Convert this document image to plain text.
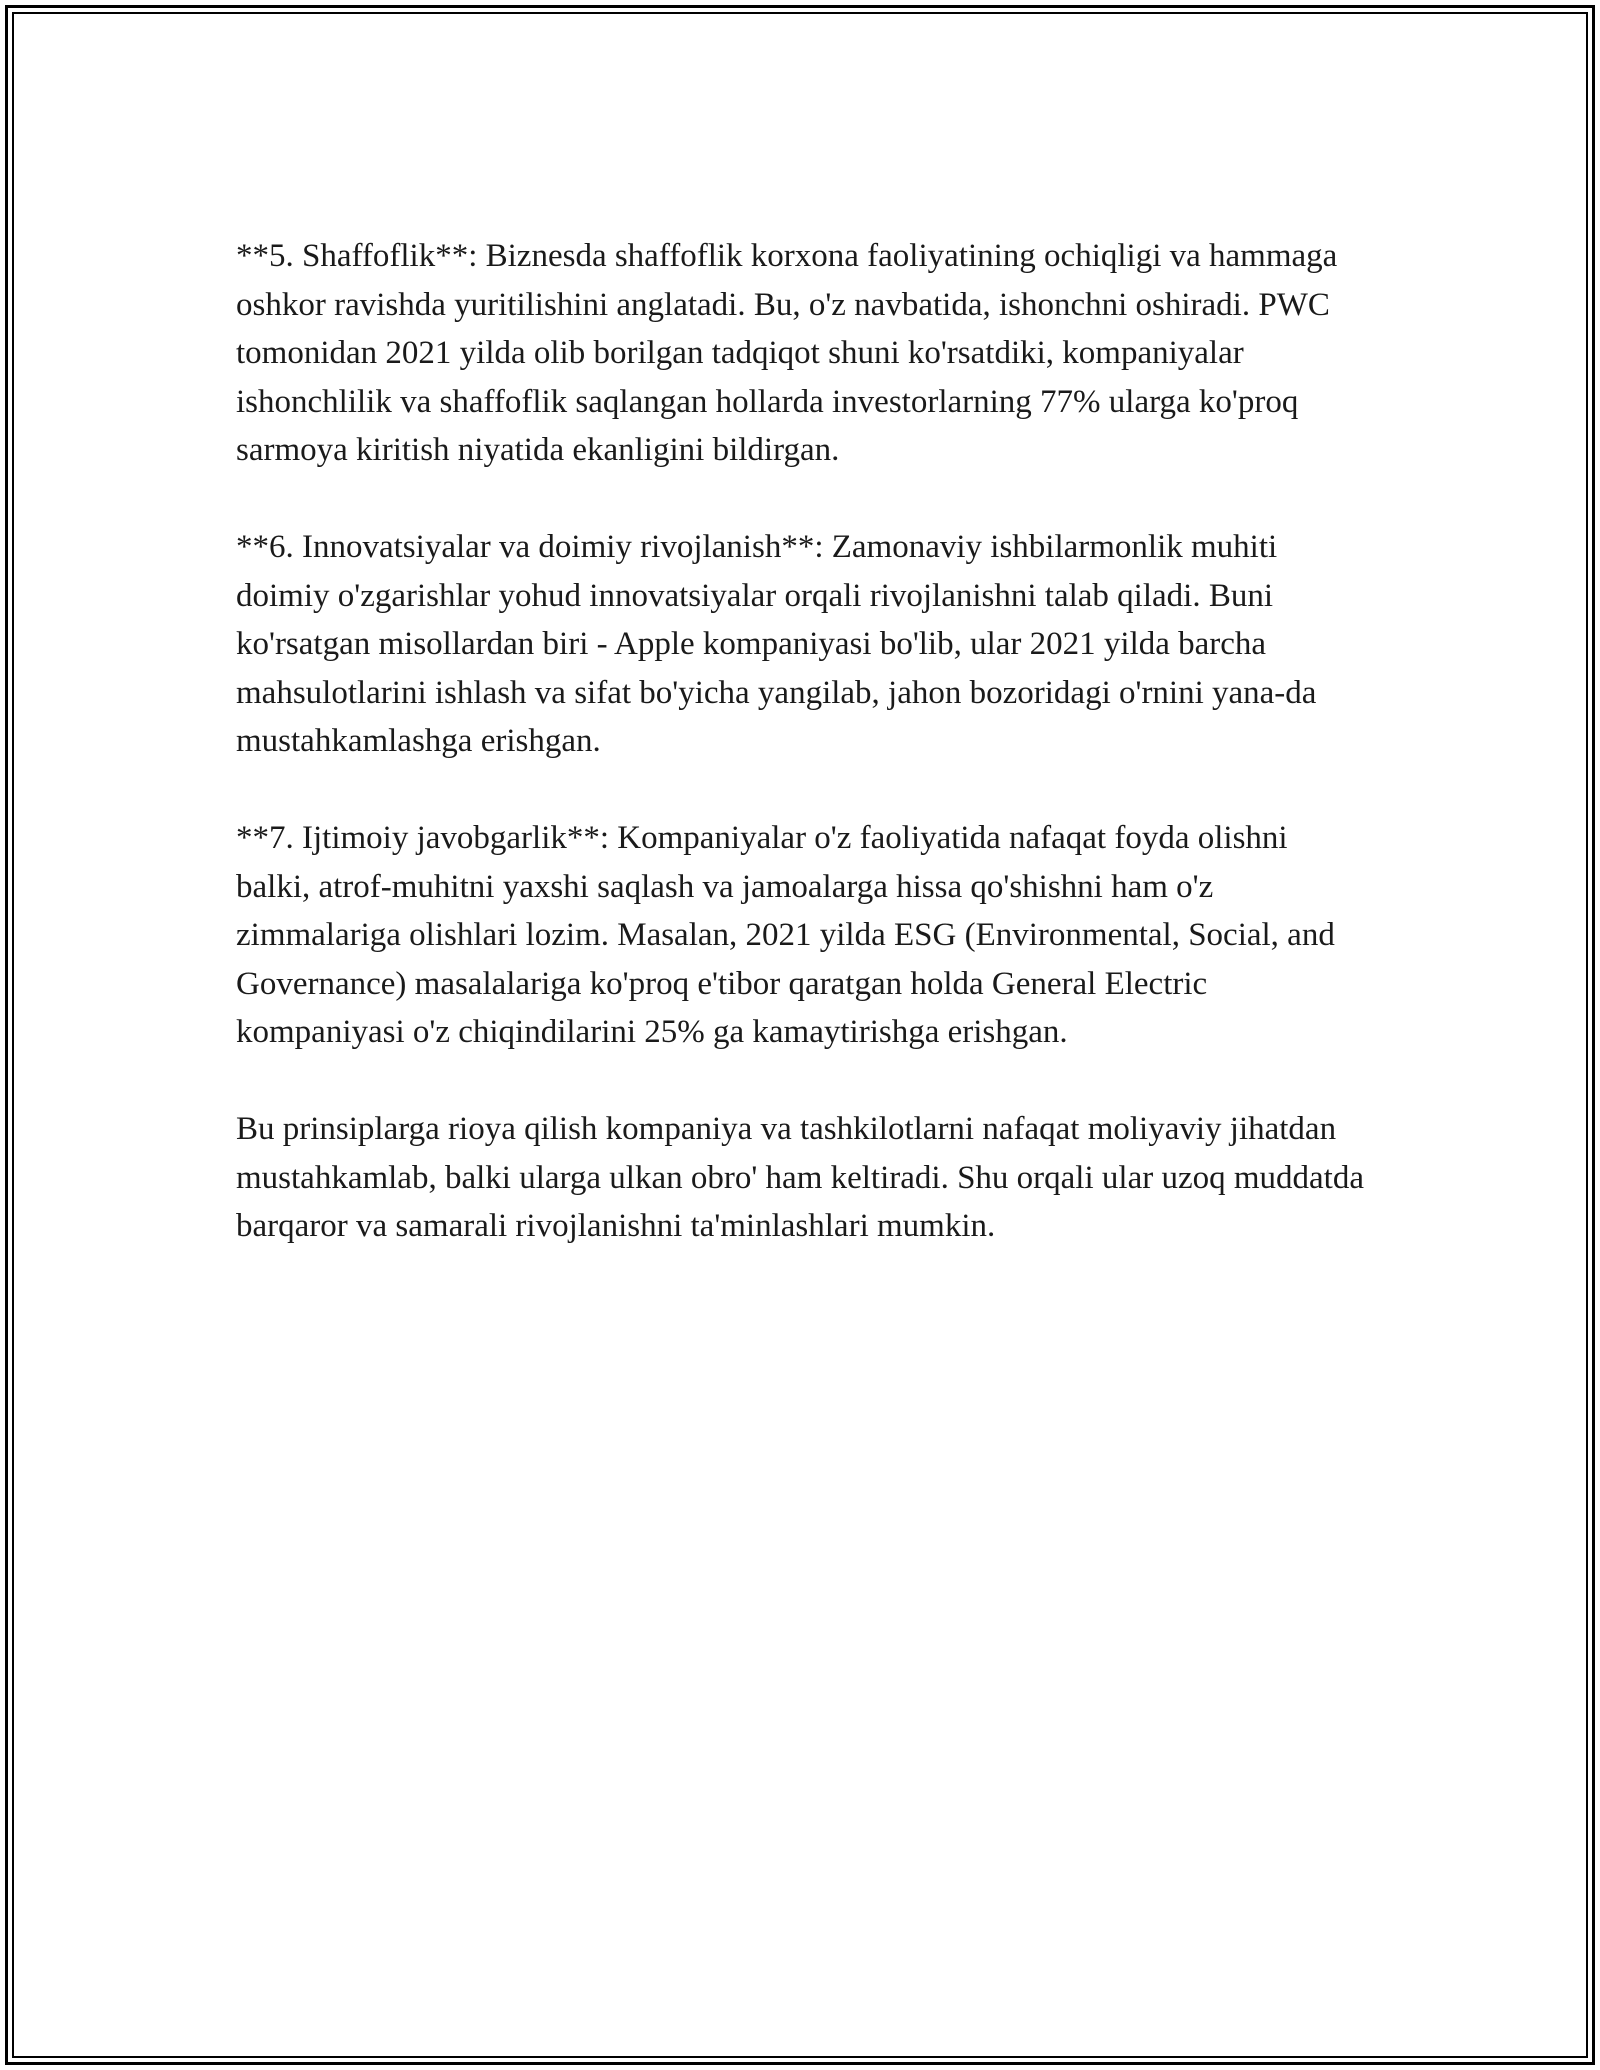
**5. Shaffoflik**: Biznesda shaffoflik korxona faoliyatining ochiqligi va hammaga oshkor ravishda yuritilishini anglatadi. Bu, o'z navbatida, ishonchni oshiradi. PWC tomonidan 2021 yilda olib borilgan tadqiqot shuni ko'rsatdiki, kompaniyalar ishonchlilik va shaffoflik saqlangan hollarda investorlarning 77% ularga ko'proq sarmoya kiritish niyatida ekanligini bildirgan.

**6. Innovatsiyalar va doimiy rivojlanish**: Zamonaviy ishbilarmonlik muhiti doimiy o'zgarishlar yohud innovatsiyalar orqali rivojlanishni talab qiladi. Buni ko'rsatgan misollardan biri - Apple kompaniyasi bo'lib, ular 2021 yilda barcha mahsulotlarini ishlash va sifat bo'yicha yangilab, jahon bozoridagi o'rnini yana-da mustahkamlashga erishgan.

**7. Ijtimoiy javobgarlik**: Kompaniyalar o'z faoliyatida nafaqat foyda olishni balki, atrof-muhitni yaxshi saqlash va jamoalarga hissa qo'shishni ham o'z zimmalariga olishlari lozim. Masalan, 2021 yilda ESG (Environmental, Social, and Governance) masalalariga ko'proq e'tibor qaratgan holda General Electric kompaniyasi o'z chiqindilarini 25% ga kamaytirishga erishgan.

Bu prinsiplarga rioya qilish kompaniya va tashkilotlarni nafaqat moliyaviy jihatdan mustahkamlab, balki ularga ulkan obro' ham keltiradi. Shu orqali ular uzoq muddatda barqaror va samarali rivojlanishni ta'minlashlari mumkin.
